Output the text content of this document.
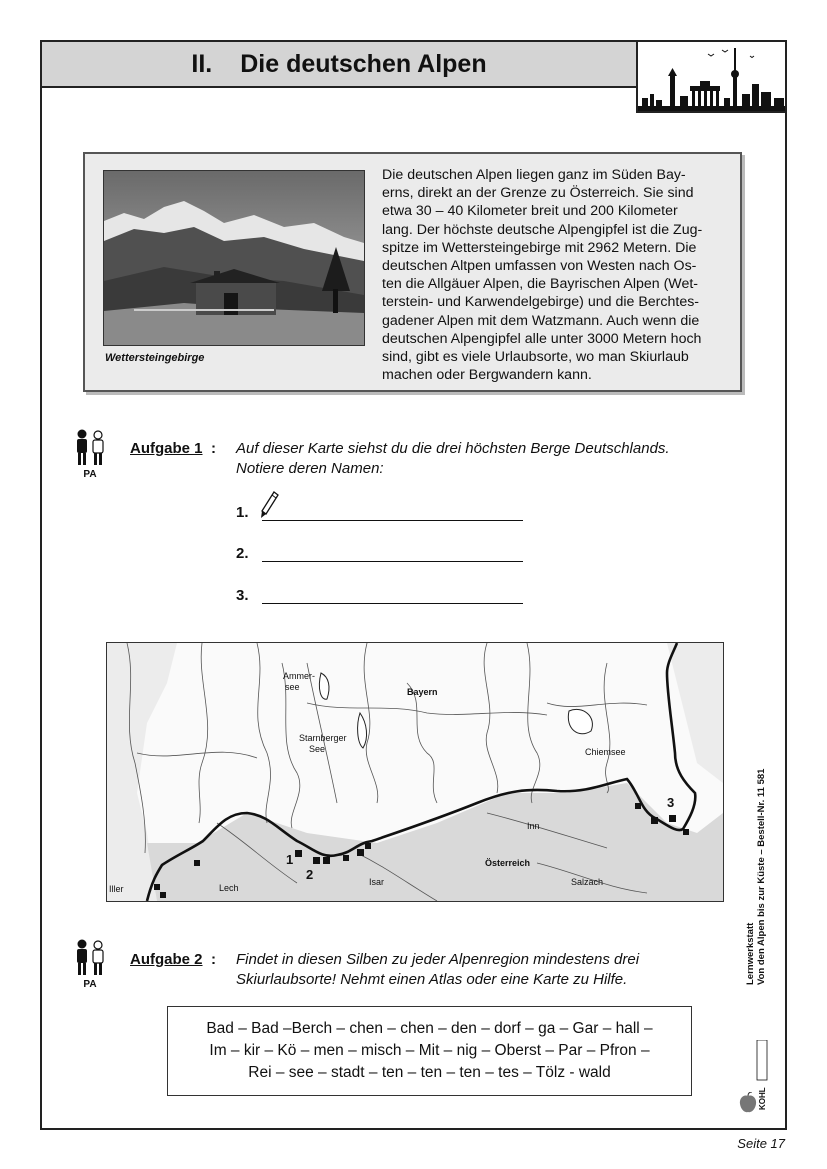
II. Die deutschen Alpen
Wettersteingebirge
Die deutschen Alpen liegen ganz im Süden Bay-
erns, direkt an der Grenze zu Österreich. Sie sind
etwa 30 – 40 Kilometer breit und 200 Kilometer
lang. Der höchste deutsche Alpengipfel ist die Zug-
spitze im Wettersteingebirge mit 2962 Metern. Die
deutschen Altpen umfassen von Westen nach Os-
ten die Allgäuer Alpen, die Bayrischen Alpen (Wet-
terstein- und Karwendelgebirge) und die Berchtes-
gadener Alpen mit dem Watzmann. Auch wenn die
deutschen Alpengipfel alle unter 3000 Metern hoch
sind, gibt es viele Urlaubsorte, wo man Skiurlaub
machen oder Bergwandern kann.
PA
Aufgabe 1 : Auf dieser Karte siehst du die drei höchsten Berge Deutschlands.
Notiere deren Namen:
1.
2.
3.
Ammer-
see
Starnberger
See
Bayern
Chiemsee
Inn
Österreich
Iller	Lech
Isar	Salzach
1
2
3
PA
Aufgabe 2 : Findet in diesen Silben zu jeder Alpenregion mindestens drei
Skiurlaubsorte! Nehmt einen Atlas oder eine Karte zu Hilfe.
Bad – Bad –Berch – chen – chen – den – dorf – ga – Gar – hall –
Im – kir – Kö – men – misch – Mit – nig – Oberst – Par – Pfron –
Rei – see – stadt – ten – ten – ten – tes – Tölz - wald
Lernwerkstatt Von den Alpen bis zur Küste – Bestell-Nr. 11 581
KOHL
Seite 17
